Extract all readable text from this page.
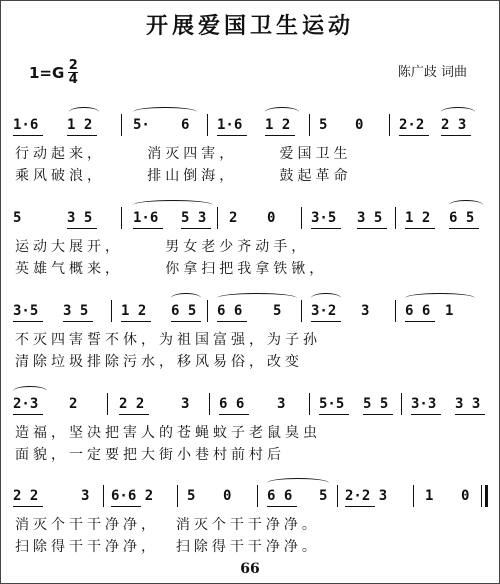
开展爱国卫生运动
1=G 2
4	陈广歧 词曲
1·6 1 2	5· 6 1·6 1 2 5 0	2·2 2 3
行动起来，     消灭四害，     爱国卫生
乘风破浪，     排山倒海，     鼓起革命
5	3 5	1·6 5 3 2 0	3·5 3 5 1 2 6 5
运动大展开，     男女老少齐动手，
英雄气概来，     你拿扫把我拿铁锹，
3·5 3 5 1 2 6 5 6 6 5 3·2 3	6 6 1
不灭四害誓不休，为祖国富强，为子孙
清除垃圾排除污水，移风易俗，改变
2·3 2	2 2	3 6 6 3 5·5 5 5 3·3 3 3
造福，坚决把害人的苍蝇蚊子老鼠臭虫
面貌，一定要把大街小巷村前村后
2 2	3 6·6 2 5 0	6 6 5 2·2 3	1 0
消灭个干干净净，  消灭个干干净净。
扫除得干干净净，  扫除得干干净净。
66
